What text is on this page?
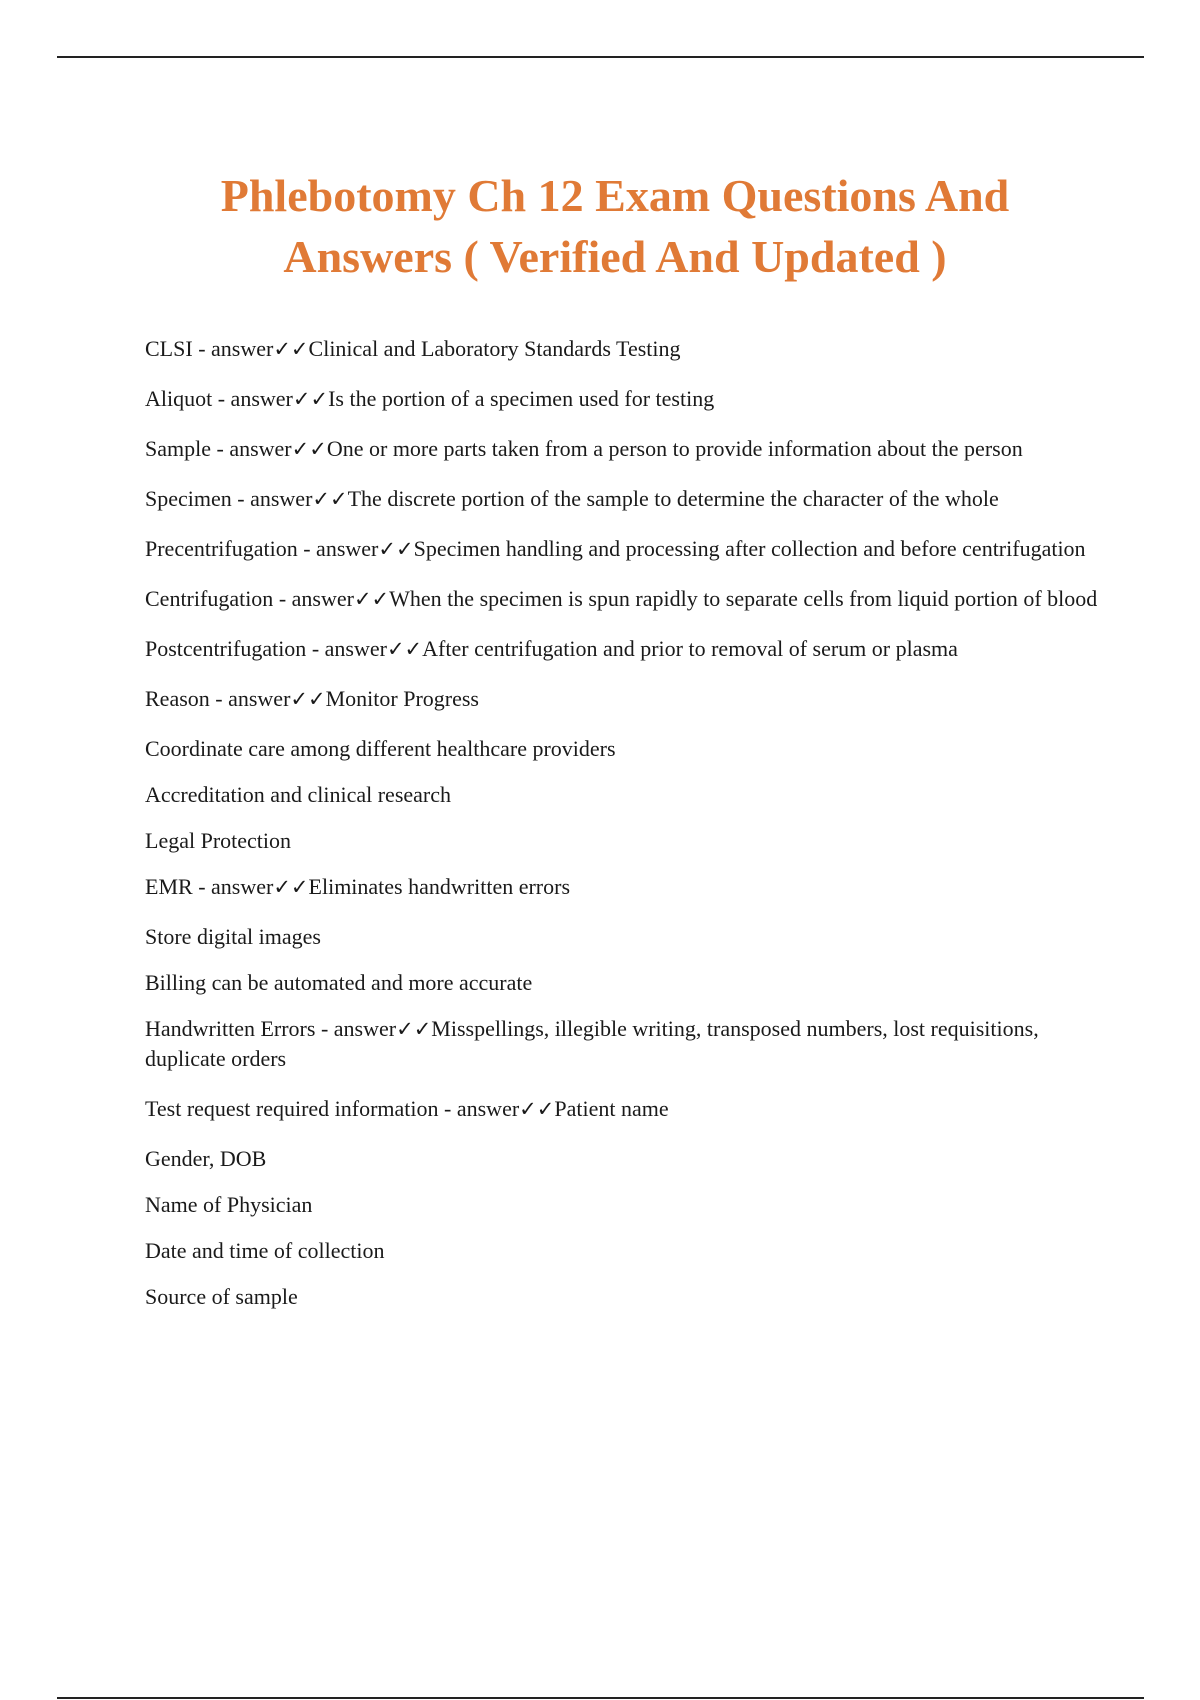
Phlebotomy Ch 12 Exam Questions And
Answers ( Verified And Updated )
CLSI - answer✓✓Clinical and Laboratory Standards Testing
Aliquot - answer✓✓Is the portion of a specimen used for testing
Sample - answer✓✓One or more parts taken from a person to provide information about the person
Specimen - answer✓✓The discrete portion of the sample to determine the character of the whole
Precentrifugation - answer✓✓Specimen handling and processing after collection and before centrifugation
Centrifugation - answer✓✓When the specimen is spun rapidly to separate cells from liquid portion of blood
Postcentrifugation - answer✓✓After centrifugation and prior to removal of serum or plasma
Reason - answer✓✓Monitor Progress
Coordinate care among different healthcare providers
Accreditation and clinical research
Legal Protection
EMR - answer✓✓Eliminates handwritten errors
Store digital images
Billing can be automated and more accurate
Handwritten Errors - answer✓✓Misspellings, illegible writing, transposed numbers, lost requisitions, duplicate orders
Test request required information - answer✓✓Patient name
Gender, DOB
Name of Physician
Date and time of collection
Source of sample
